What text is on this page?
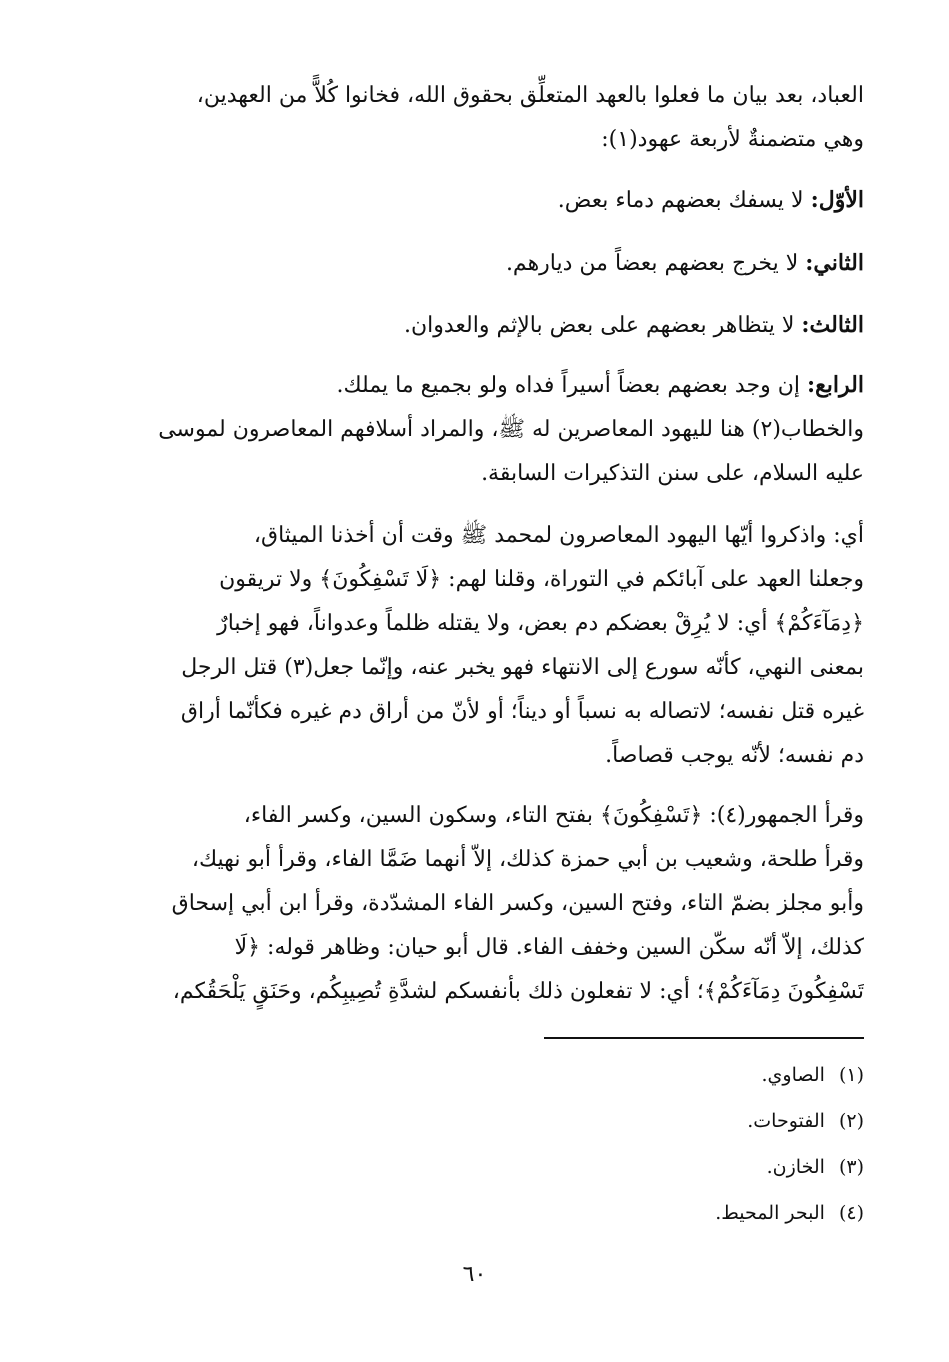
العباد، بعد بيان ما فعلوا بالعهد المتعلِّق بحقوق الله، فخانوا كُلاًّ من العهدين،
وهي متضمنةٌ لأربعة عهود(١):
الأوّل: لا يسفك بعضهم دماء بعض.
الثاني: لا يخرج بعضهم بعضاً من ديارهم.
الثالث: لا يتظاهر بعضهم على بعض بالإثم والعدوان.
الرابع: إن وجد بعضهم بعضاً أسيراً فداه ولو بجميع ما يملك.
والخطاب(٢) هنا لليهود المعاصرين له ﷺ، والمراد أسلافهم المعاصرون لموسى
عليه السلام، على سنن التذكيرات السابقة.
أي: واذكروا أيّها اليهود المعاصرون لمحمد ﷺ وقت أن أخذنا الميثاق،
وجعلنا العهد على آبائكم في التوراة، وقلنا لهم: ﴿لَا تَسْفِكُونَ﴾ ولا تريقون
﴿دِمَآءَكُمْ﴾ أي: لا يُرِقْ بعضكم دم بعض، ولا يقتله ظلماً وعدواناً، فهو إخبارٌ
بمعنى النهي، كأنّه سورع إلى الانتهاء فهو يخبر عنه، وإنّما جعل(٣) قتل الرجل
غيره قتل نفسه؛ لاتصاله به نسباً أو ديناً؛ أو لأنّ من أراق دم غيره فكأنّما أراق
دم نفسه؛ لأنّه يوجب قصاصاً.
وقرأ الجمهور(٤): ﴿تَسْفِكُونَ﴾ بفتح التاء، وسكون السين، وكسر الفاء،
وقرأ طلحة، وشعيب بن أبي حمزة كذلك، إلاّ أنهما ضَمَّا الفاء، وقرأ أبو نهيك،
وأبو مجلز بضمّ التاء، وفتح السين، وكسر الفاء المشدّدة، وقرأ ابن أبي إسحاق
كذلك، إلاّ أنّه سكّن السين وخفف الفاء. قال أبو حيان: وظاهر قوله: ﴿لَا
تَسْفِكُونَ دِمَآءَكُمْ﴾؛ أي: لا تفعلون ذلك بأنفسكم لشدَّةِ تُصِيبِكُم، وحَنَقٍ يَلْحَقُكم،
(١)الصاوي.
(٢)الفتوحات.
(٣)الخازن.
(٤)البحر المحيط.
٦٠
